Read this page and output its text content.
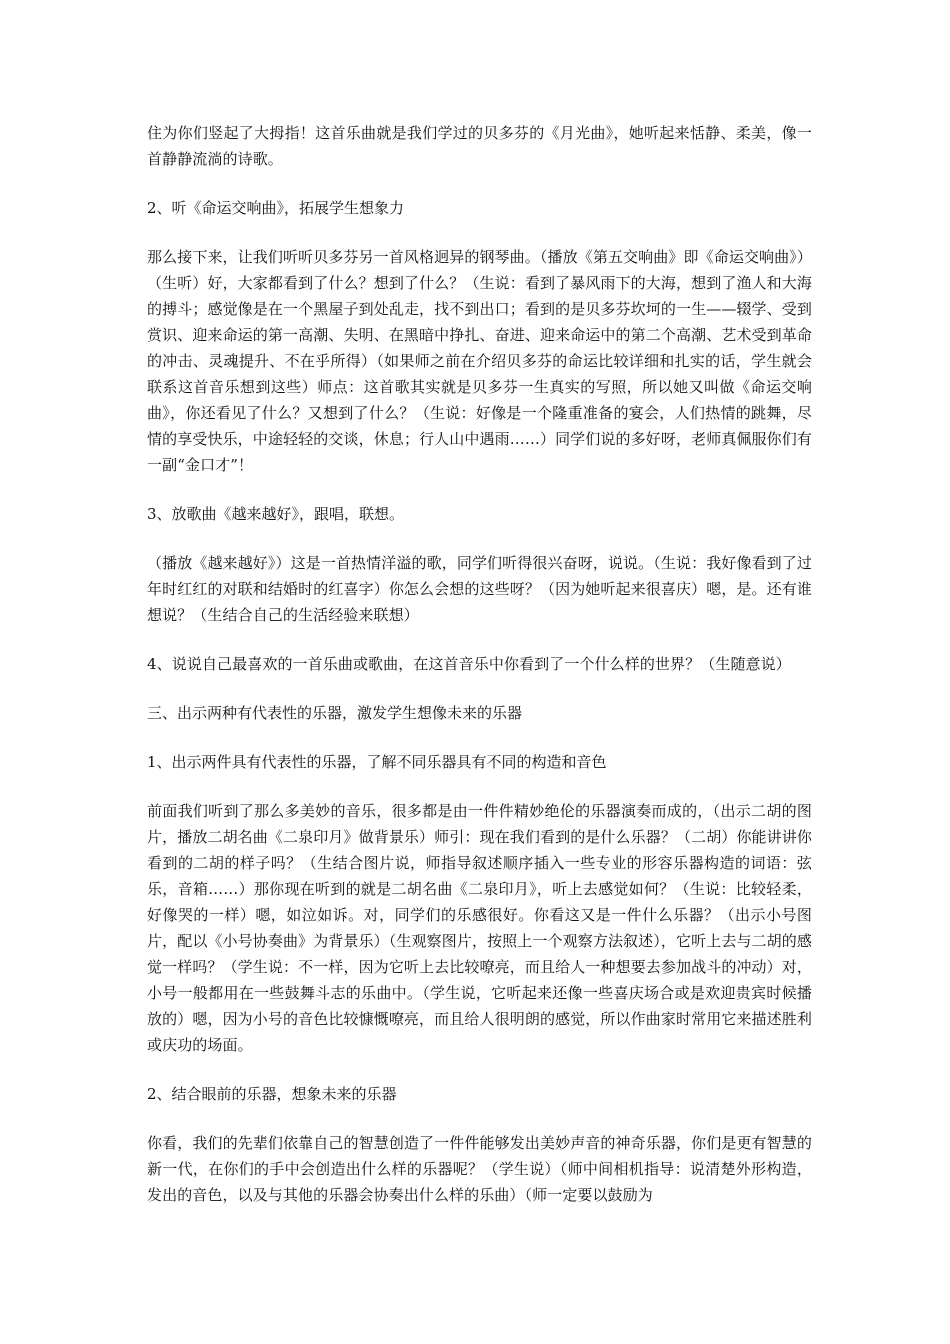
住为你们竖起了大拇指！这首乐曲就是我们学过的贝多芬的《月光曲》，她听起来恬静、柔美，像一首静静流淌的诗歌。

2、听《命运交响曲》，拓展学生想象力

那么接下来，让我们听听贝多芬另一首风格迥异的钢琴曲。（播放《第五交响曲》即《命运交响曲》）（生听）好，大家都看到了什么？想到了什么？（生说：看到了暴风雨下的大海，想到了渔人和大海的搏斗；感觉像是在一个黑屋子到处乱走，找不到出口；看到的是贝多芬坎坷的一生——辍学、受到赏识、迎来命运的第一高潮、失明、在黑暗中挣扎、奋进、迎来命运中的第二个高潮、艺术受到革命的冲击、灵魂提升、不在乎所得）（如果师之前在介绍贝多芬的命运比较详细和扎实的话，学生就会联系这首音乐想到这些）师点：这首歌其实就是贝多芬一生真实的写照，所以她又叫做《命运交响曲》，你还看见了什么？又想到了什么？（生说：好像是一个隆重准备的宴会，人们热情的跳舞，尽情的享受快乐，中途轻轻的交谈，休息；行人山中遇雨……）同学们说的多好呀，老师真佩服你们有一副“金口才”！

3、放歌曲《越来越好》，跟唱，联想。

（播放《越来越好》）这是一首热情洋溢的歌，同学们听得很兴奋呀，说说。（生说：我好像看到了过年时红红的对联和结婚时的红喜字）你怎么会想的这些呀？（因为她听起来很喜庆）嗯，是。还有谁想说？（生结合自己的生活经验来联想）

4、说说自己最喜欢的一首乐曲或歌曲，在这首音乐中你看到了一个什么样的世界？（生随意说）

三、出示两种有代表性的乐器，激发学生想像未来的乐器

1、出示两件具有代表性的乐器，了解不同乐器具有不同的构造和音色

前面我们听到了那么多美妙的音乐，很多都是由一件件精妙绝伦的乐器演奏而成的，（出示二胡的图片，播放二胡名曲《二泉印月》做背景乐）师引：现在我们看到的是什么乐器？（二胡）你能讲讲你看到的二胡的样子吗？（生结合图片说，师指导叙述顺序插入一些专业的形容乐器构造的词语：弦乐，音箱……）那你现在听到的就是二胡名曲《二泉印月》，听上去感觉如何？（生说：比较轻柔，好像哭的一样）嗯，如泣如诉。对，同学们的乐感很好。你看这又是一件什么乐器？（出示小号图片，配以《小号协奏曲》为背景乐）（生观察图片，按照上一个观察方法叙述），它听上去与二胡的感觉一样吗？（学生说：不一样，因为它听上去比较嘹亮，而且给人一种想要去参加战斗的冲动）对，小号一般都用在一些鼓舞斗志的乐曲中。（学生说，它听起来还像一些喜庆场合或是欢迎贵宾时候播放的）嗯，因为小号的音色比较慷慨嘹亮，而且给人很明朗的感觉，所以作曲家时常用它来描述胜利或庆功的场面。

2、结合眼前的乐器，想象未来的乐器

你看，我们的先辈们依靠自己的智慧创造了一件件能够发出美妙声音的神奇乐器，你们是更有智慧的新一代，在你们的手中会创造出什么样的乐器呢？（学生说）（师中间相机指导：说清楚外形构造，发出的音色，以及与其他的乐器会协奏出什么样的乐曲）（师一定要以鼓励为
